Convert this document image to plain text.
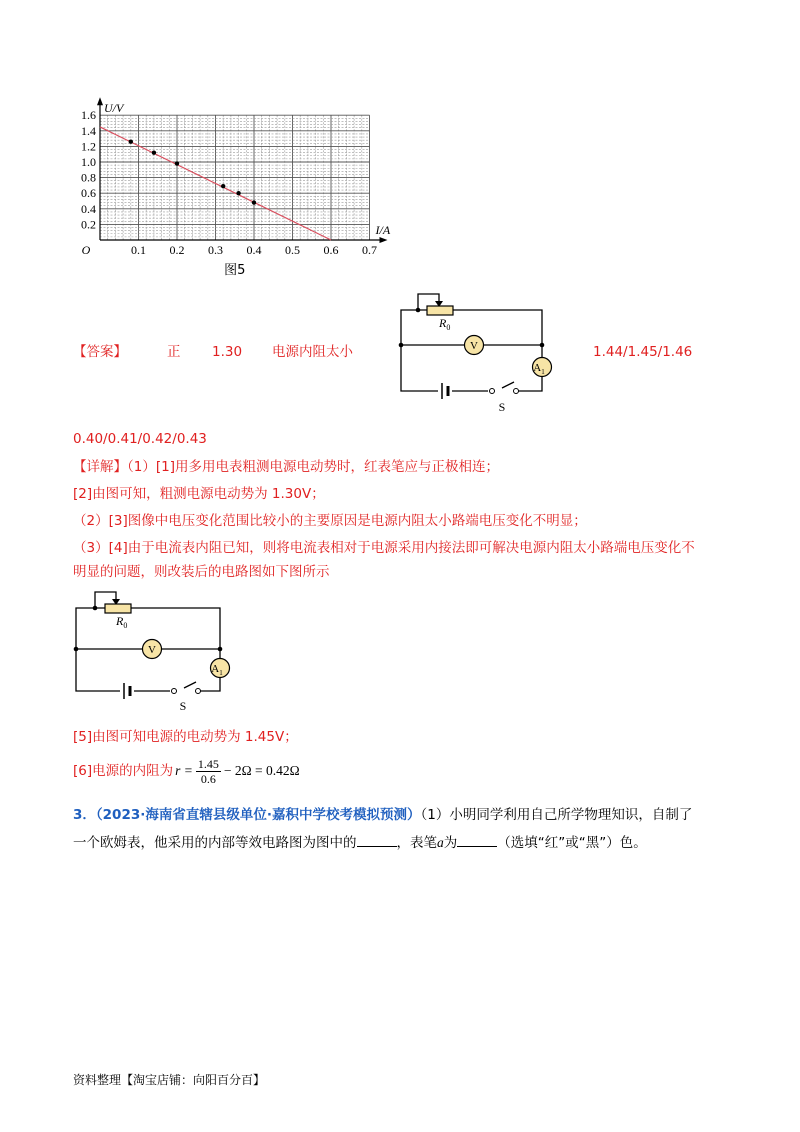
0.1 0.2 0.3 0.4 0.5 0.6 0.7
0.2
0.4
0.6
0.8
1.0
1.2
1.4
1.6
O
U/V
I/A
图5
【答案】	正 1.30 电源内阻太小	1.44/1.45/1.46
0.40/0.41/0.42/0.43
$R_0$
V
$A_1$
S
【详解】（1）[1]用多用电表粗测电源电动势时，红表笔应与正极相连；
[2]由图可知，粗测电源电动势为 1.30V；
（2）[3]图像中电压变化范围比较小的主要原因是电源内阻太小路端电压变化不明显；
（3）[4]由于电流表内阻已知，则将电流表相对于电源采用内接法即可解决电源内阻太小路端电压变化不
明显的问题，则改装后的电路图如下图所示
$R_0$
V
$A_1$
S
[5]由图可知电源的电动势为 1.45V；
[6]电源的内阻为 $r = \frac{1.45}{0.6} - 2\Omega = 0.42\Omega$
3．（2023·海南省直辖县级单位·嘉积中学校考模拟预测）（1）小明同学利用自己所学物理知识，自制了
一个欧姆表，他采用的内部等效电路图为图中的	，表笔a为	（选填“红”或“黑”）色。
资料整理【淘宝店铺：向阳百分百】
